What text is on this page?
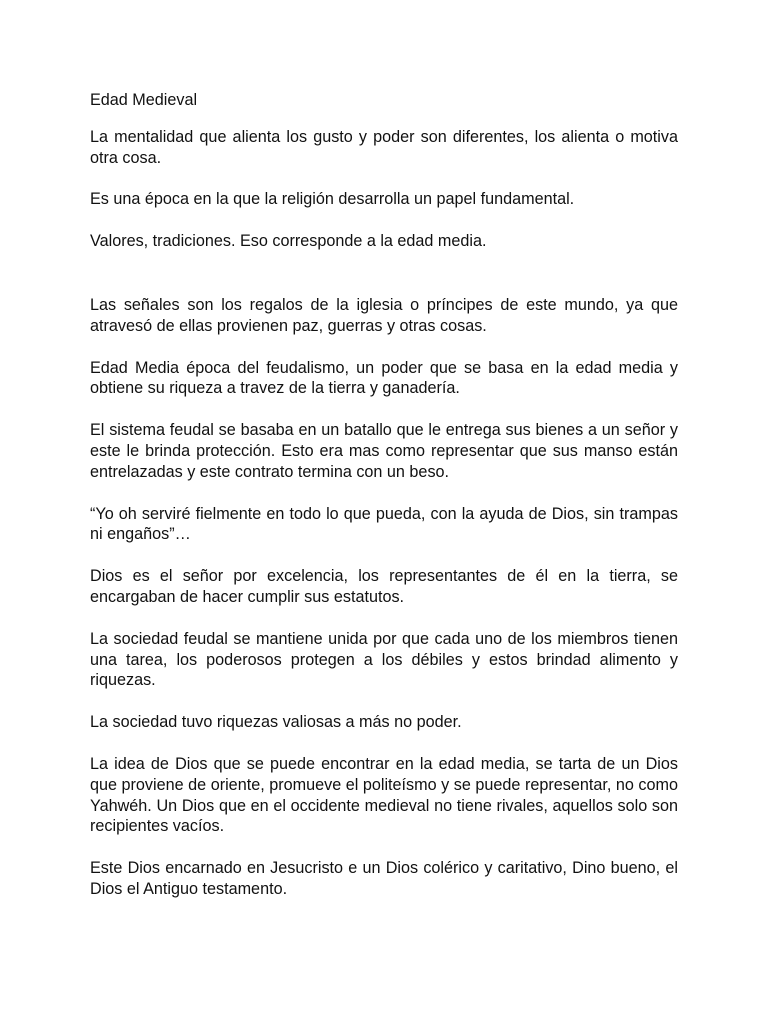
Edad Medieval

La mentalidad que alienta los gusto y poder son diferentes, los alienta o motiva otra cosa.

Es una época en la que la religión desarrolla un papel fundamental.

Valores, tradiciones. Eso corresponde a la edad media.

Las señales son los regalos de la iglesia o príncipes de este mundo, ya que atravesó de ellas provienen paz, guerras y otras cosas.

Edad Media época del feudalismo, un poder que se basa en la edad media y obtiene su riqueza a travez de la tierra y ganadería.

El sistema feudal se basaba en un batallo que le entrega sus bienes a un señor y este le brinda protección. Esto era mas como representar que sus manso están entrelazadas y este contrato termina con un beso.

“Yo oh serviré fielmente en todo lo que pueda, con la ayuda de Dios, sin trampas ni engaños”…

Dios es el señor por excelencia, los representantes de él en la tierra, se encargaban de hacer cumplir sus estatutos.

La sociedad feudal se mantiene unida por que cada uno de los miembros tienen una tarea, los poderosos protegen a los débiles y estos brindad alimento y riquezas.

La sociedad tuvo riquezas valiosas a más no poder.

La idea de Dios que se puede encontrar en la edad media, se tarta de un Dios que proviene de oriente, promueve el politeísmo y se puede representar, no como Yahwéh. Un Dios que en el occidente medieval no tiene rivales, aquellos solo son recipientes vacíos.

Este Dios encarnado en Jesucristo e un Dios colérico y caritativo, Dino bueno, el Dios el Antiguo testamento.
